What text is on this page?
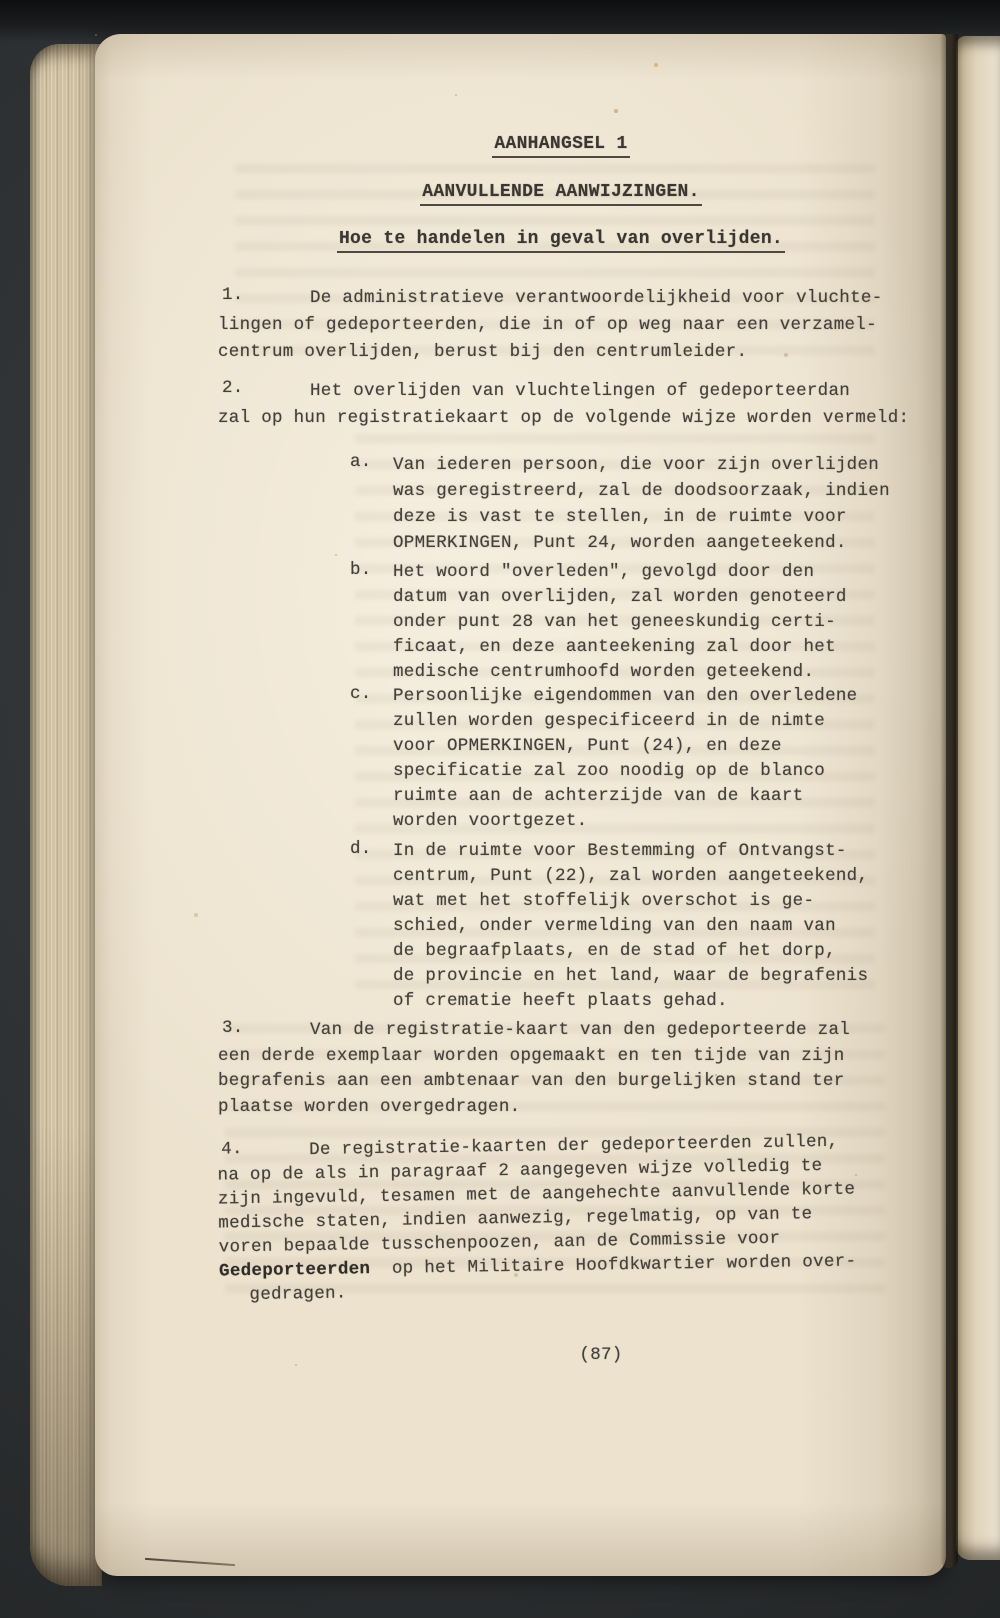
AANHANGSEL 1
AANVULLENDE AANWIJZINGEN.
Hoe te handelen in geval van overlijden.
1.	De administratieve verantwoordelijkheid voor vluchte-
lingen of gedeporteerden, die in of op weg naar een verzamel-
centrum overlijden, berust bij den centrumleider.
2.	Het overlijden van vluchtelingen of gedeporteerdan
zal op hun registratiekaart op de volgende wijze worden vermeld:
a.	Van iederen persoon, die voor zijn overlijden
was geregistreerd, zal de doodsoorzaak, indien
deze is vast te stellen, in de ruimte voor
OPMERKINGEN, Punt 24, worden aangeteekend.
b.	Het woord "overleden", gevolgd door den
datum van overlijden, zal worden genoteerd
onder punt 28 van het geneeskundig certi-
ficaat, en deze aanteekening zal door het
medische centrumhoofd worden geteekend.
c.	Persoonlijke eigendommen van den overledene
zullen worden gespecificeerd in de nimte
voor OPMERKINGEN, Punt (24), en deze
specificatie zal zoo noodig op de blanco
ruimte aan de achterzijde van de kaart
worden voortgezet.
d.	In de ruimte voor Bestemming of Ontvangst-
centrum, Punt (22), zal worden aangeteekend,
wat met het stoffelijk overschot is ge-
schied, onder vermelding van den naam van
de begraafplaats, en de stad of het dorp,
de provincie en het land, waar de begrafenis
of crematie heeft plaats gehad.
3.	Van de registratie-kaart van den gedeporteerde zal
een derde exemplaar worden opgemaakt en ten tijde van zijn
begrafenis aan een ambtenaar van den burgelijken stand ter
plaatse worden overgedragen.
4.	De registratie-kaarten der gedeporteerden zullen,
na op de als in paragraaf 2 aangegeven wijze volledig te
zijn ingevuld, tesamen met de aangehechte aanvullende korte
medische staten, indien aanwezig, regelmatig, op van te
voren bepaalde tusschenpoozen, aan de Commissie voor
Gedeporteerden  op het Militaire Hoofdkwartier worden over-
gedragen.
(87)
